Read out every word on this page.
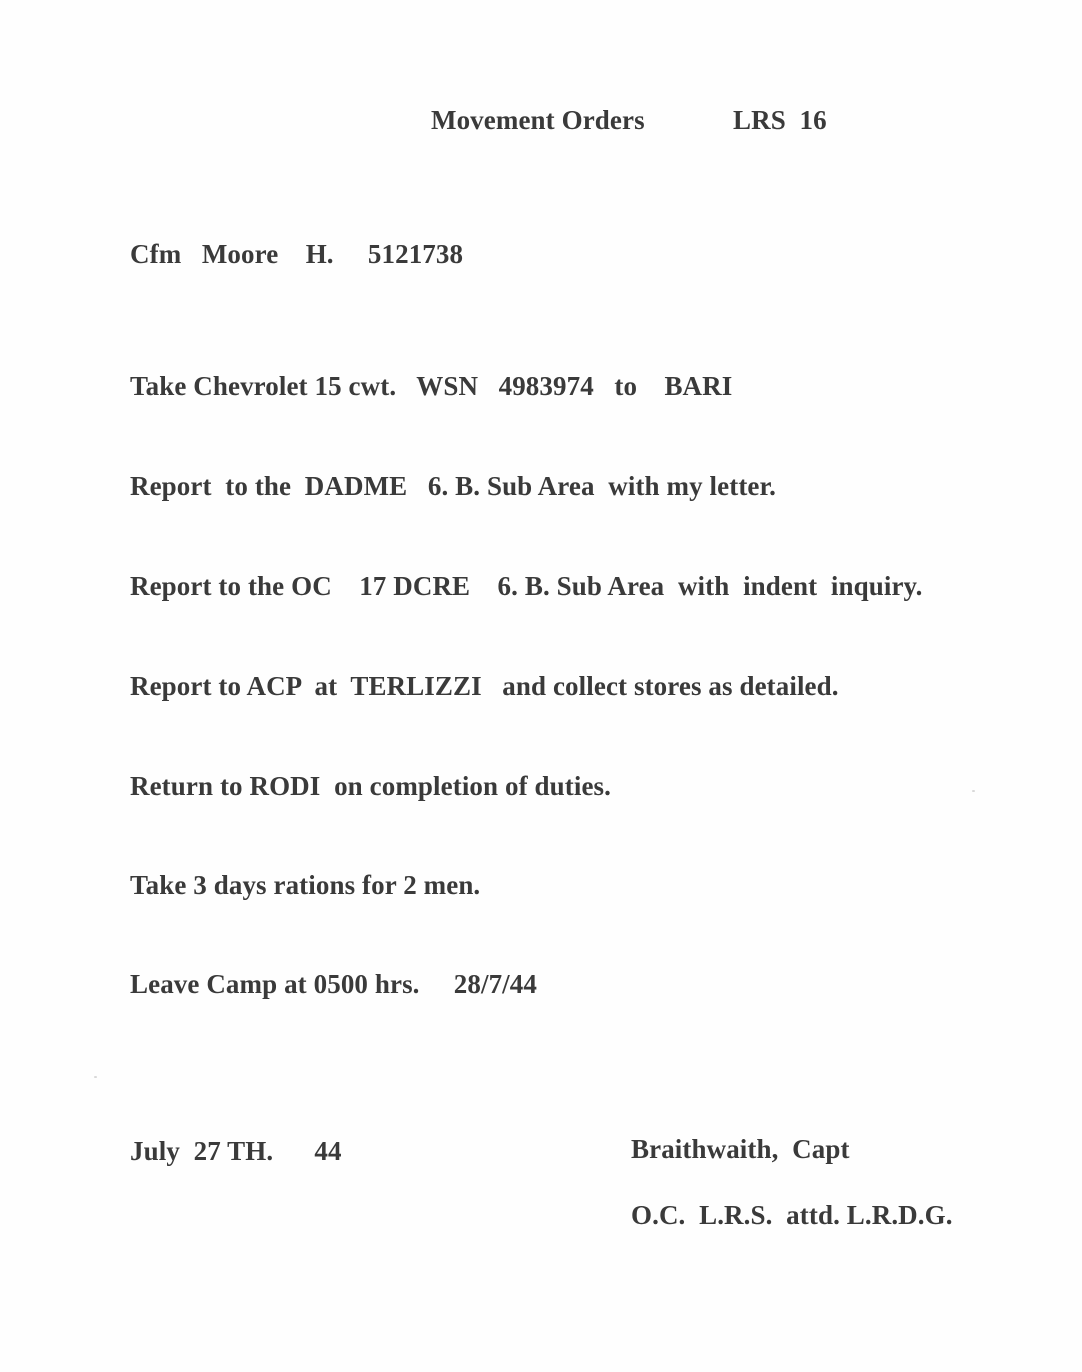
Movement Orders	LRS  16
Cfm   Moore    H.     5121738
Take Chevrolet 15 cwt.   WSN   4983974   to    BARI
Report  to the  DADME   6. B. Sub Area  with my letter.
Report to the OC    17 DCRE    6. B. Sub Area  with  indent  inquiry.
Report to ACP  at  TERLIZZI   and collect stores as detailed.
Return to RODI  on completion of duties.
Take 3 days rations for 2 men.
Leave Camp at 0500 hrs.     28/7/44
July  27 TH.      44	Braithwaith,  Capt
O.C.  L.R.S.  attd. L.R.D.G.
